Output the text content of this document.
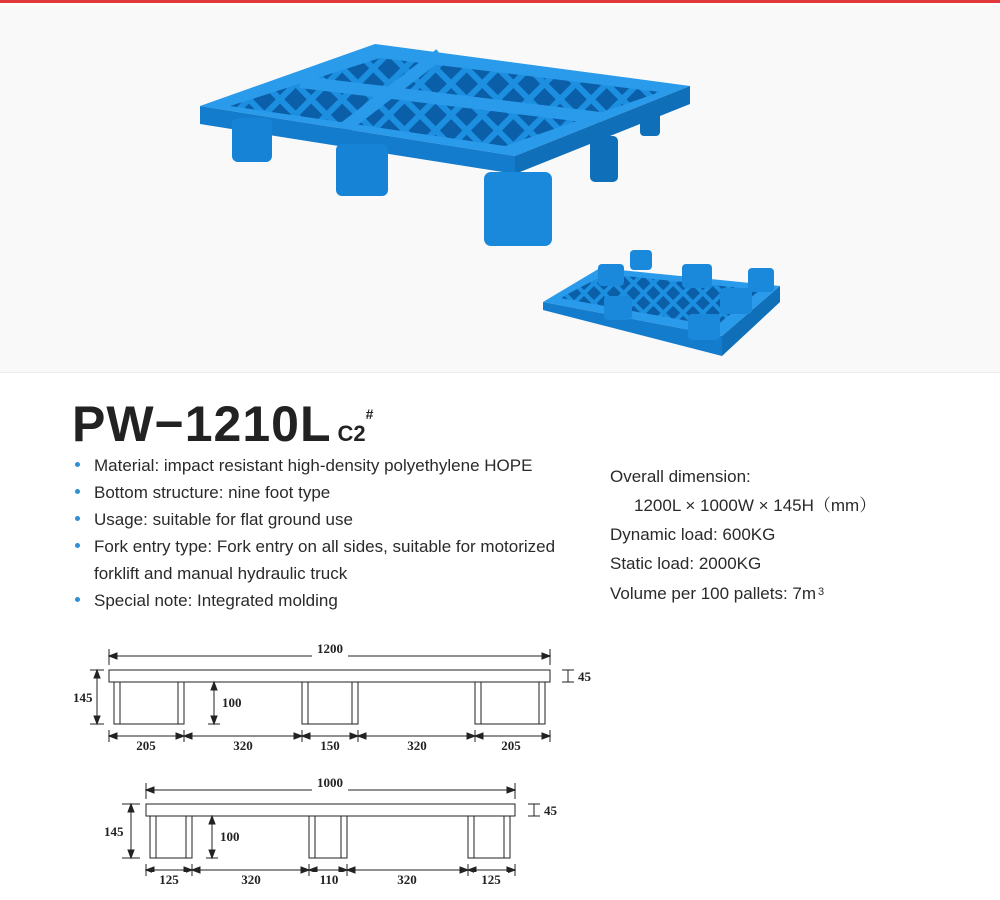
PW−1210L C2#
Material: impact resistant high-density polyethylene HOPE
Bottom structure: nine foot type
Usage: suitable for flat ground use
Fork entry type: Fork entry on all sides, suitable for motorized forklift and manual hydraulic truck
Special note: Integrated molding
Overall dimension:
1200L × 1000W × 145H（mm）
Dynamic load: 600KG
Static load: 2000KG
Volume per 100 pallets: 7m $^3$
1200
145	100
45
205	320	150	320	205
1000
145	100
45
125	320	110	320	125
